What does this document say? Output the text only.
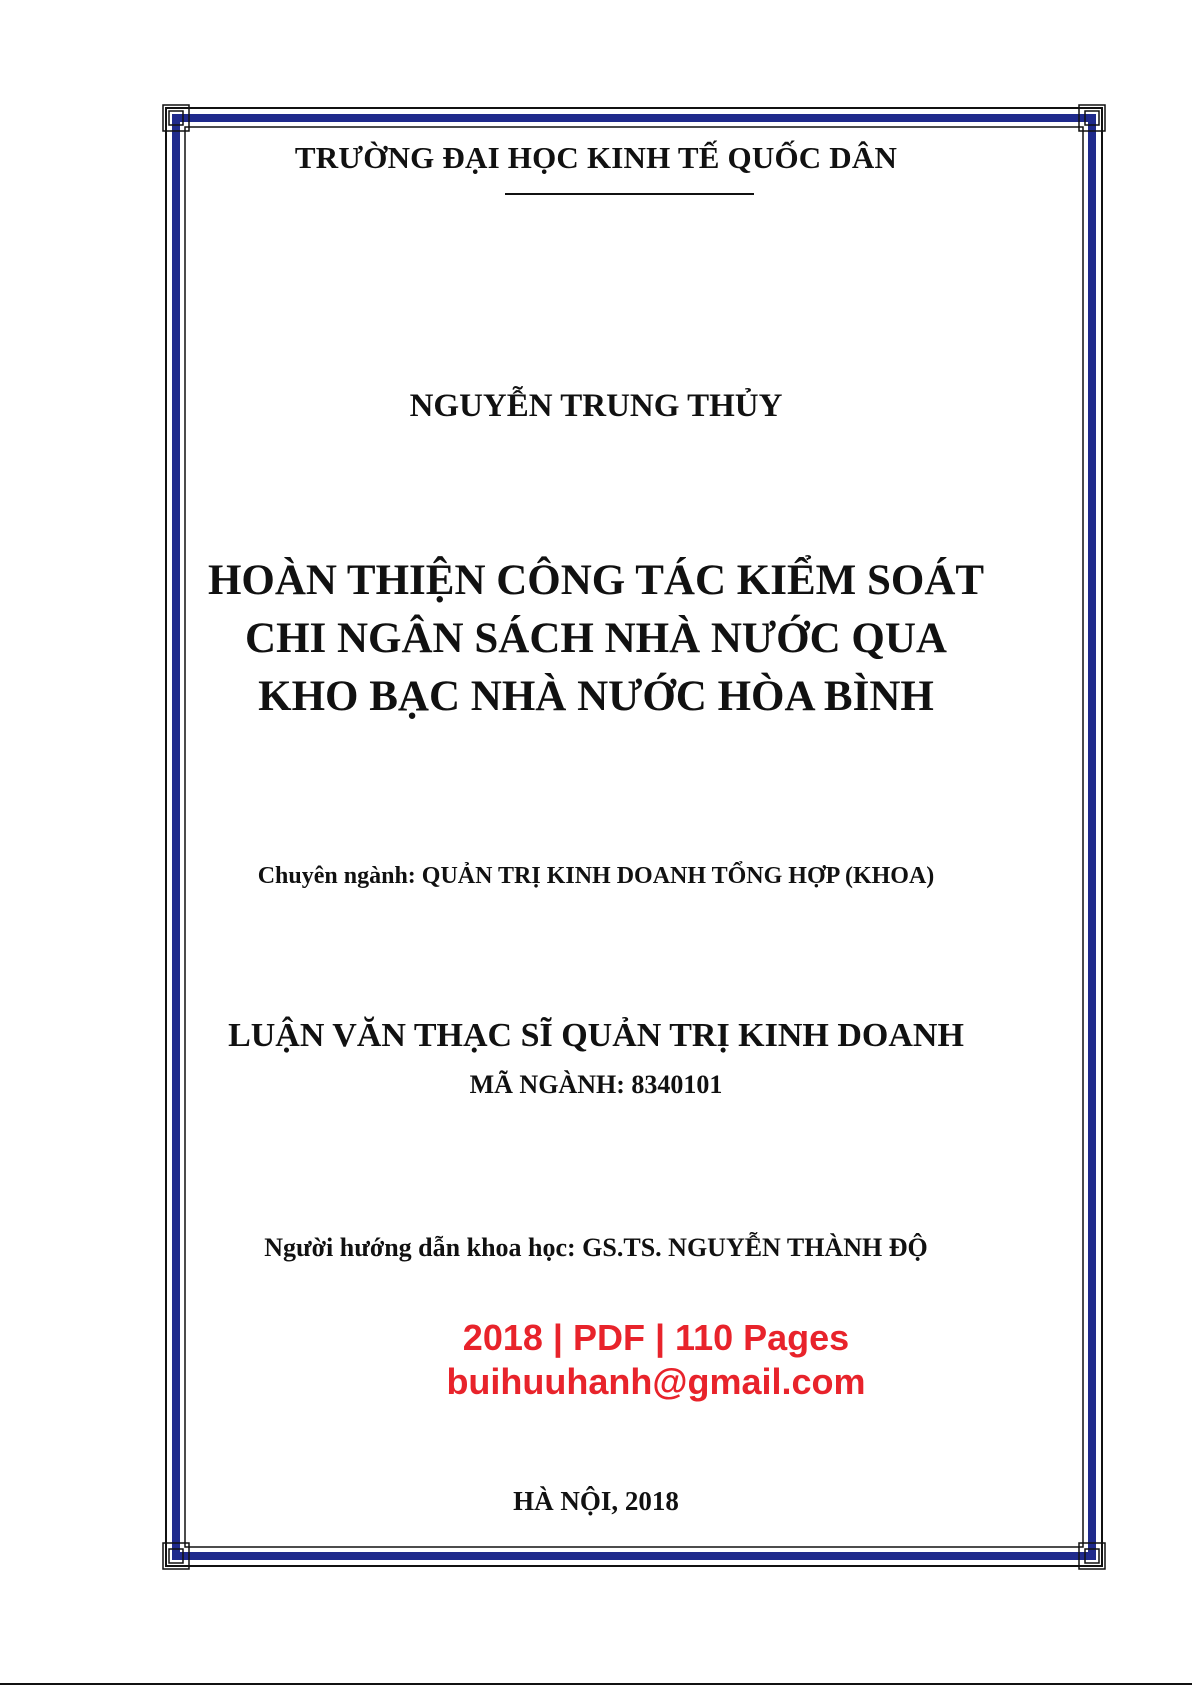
TRƯỜNG ĐẠI HỌC KINH TẾ QUỐC DÂN

NGUYỄN TRUNG THỦY

HOÀN THIỆN CÔNG TÁC KIỂM SOÁT
CHI NGÂN SÁCH NHÀ NƯỚC QUA
KHO BẠC NHÀ NƯỚC HÒA BÌNH

Chuyên ngành: QUẢN TRỊ KINH DOANH TỔNG HỢP (KHOA)

LUẬN VĂN THẠC SĨ QUẢN TRỊ KINH DOANH

MÃ NGÀNH: 8340101

Người hướng dẫn khoa học: GS.TS. NGUYỄN THÀNH ĐỘ

2018 | PDF | 110 Pages

buihuuhanh@gmail.com

HÀ NỘI, 2018
